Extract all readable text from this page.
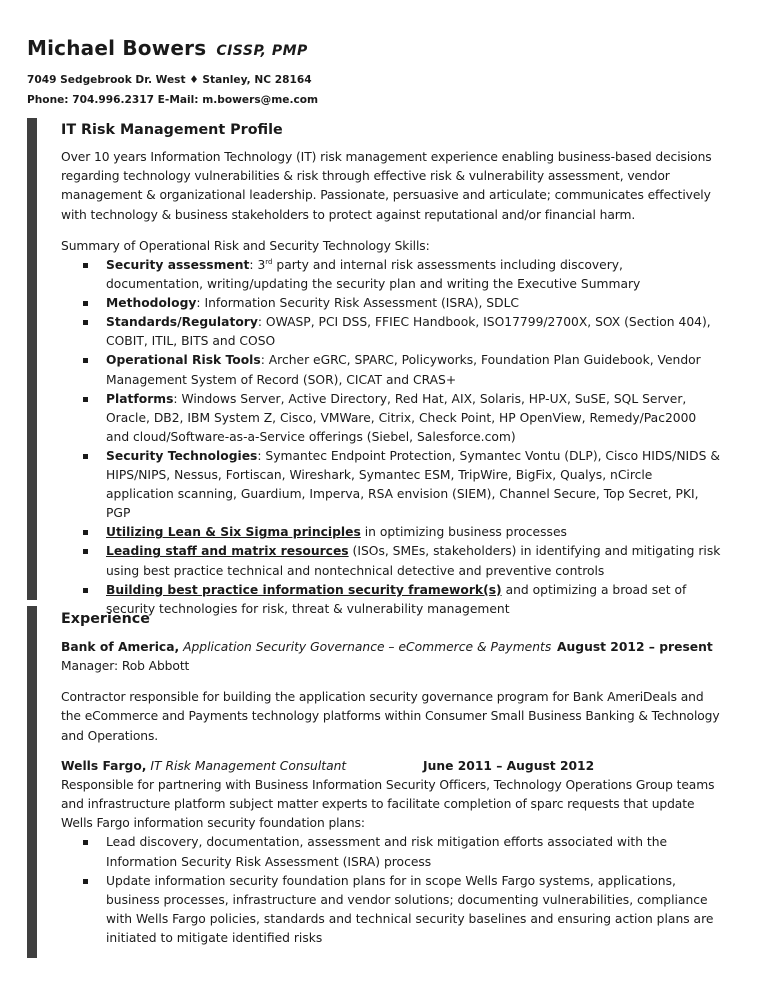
Michael Bowers CISSP, PMP
7049 Sedgebrook Dr. West ♦ Stanley, NC 28164
Phone: 704.996.2317 E-Mail: m.bowers@me.com
IT Risk Management Profile

Over 10 years Information Technology (IT) risk management experience enabling business-based decisions regarding technology vulnerabilities & risk through effective risk & vulnerability assessment, vendor management & organizational leadership. Passionate, persuasive and articulate; communicates effectively with technology & business stakeholders to protect against reputational and/or financial harm.

Summary of Operational Risk and Security Technology Skills:

Security assessment: 3rd party and internal risk assessments including discovery, documentation, writing/updating the security plan and writing the Executive Summary
Methodology: Information Security Risk Assessment (ISRA), SDLC
Standards/Regulatory: OWASP, PCI DSS, FFIEC Handbook, ISO17799/2700X, SOX (Section 404), COBIT, ITIL, BITS and COSO
Operational Risk Tools: Archer eGRC, SPARC, Policyworks, Foundation Plan Guidebook, Vendor Management System of Record (SOR), CICAT and CRAS+
Platforms: Windows Server, Active Directory, Red Hat, AIX, Solaris, HP-UX, SuSE, SQL Server, Oracle, DB2, IBM System Z, Cisco, VMWare, Citrix, Check Point, HP OpenView, Remedy/Pac2000 and cloud/Software-as-a-Service offerings (Siebel, Salesforce.com)
Security Technologies: Symantec Endpoint Protection, Symantec Vontu (DLP), Cisco HIDS/NIDS & HIPS/NIPS, Nessus, Fortiscan, Wireshark, Symantec ESM, TripWire, BigFix, Qualys, nCircle application scanning, Guardium, Imperva, RSA envision (SIEM), Channel Secure, Top Secret, PKI, PGP
Utilizing Lean & Six Sigma principles in optimizing business processes
Leading staff and matrix resources (ISOs, SMEs, stakeholders) in identifying and mitigating risk using best practice technical and nontechnical detective and preventive controls
Building best practice information security framework(s) and optimizing a broad set of security technologies for risk, threat & vulnerability management
Experience
Bank of America, Application Security Governance – eCommerce & Payments August 2012 – present

Manager: Rob Abbott

Contractor responsible for building the application security governance program for Bank AmeriDeals and the eCommerce and Payments technology platforms within Consumer Small Business Banking & Technology and Operations.

Wells Fargo, IT Risk Management Consultant	June 2011 – August 2012

Responsible for partnering with Business Information Security Officers, Technology Operations Group teams and infrastructure platform subject matter experts to facilitate completion of sparc requests that update Wells Fargo information security foundation plans:

Lead discovery, documentation, assessment and risk mitigation efforts associated with the Information Security Risk Assessment (ISRA) process
Update information security foundation plans for in scope Wells Fargo systems, applications, business processes, infrastructure and vendor solutions; documenting vulnerabilities, compliance with Wells Fargo policies, standards and technical security baselines and ensuring action plans are initiated to mitigate identified risks
